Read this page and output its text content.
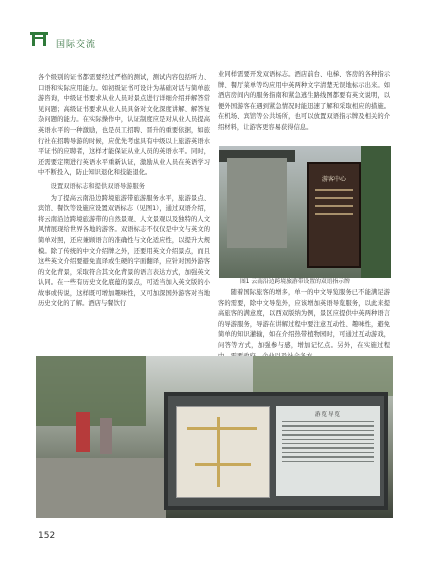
国际交流

各个级别的证书都需要经过严格的测试，测试内容包括听力、口语和实际应用能力。如初级证书可设计为基础对话与简单旅游咨询，中级证书要求从业人员对景点进行详细介绍并解答常见问题；高级证书要求从业人员具备对文化深度讲解、解答复杂问题的能力。在实际操作中，认证制度应是对从业人员提高英语水平的一种激励，也是员工招聘、晋升的重要依据，如旅行社在招聘导游的时候，应优先考虑具有中级以上旅游英语水平证书的应聘者，这样才能保证从业人员的英语水平。同时，还需要定期进行英语水平重新认证，激励从业人员在英语学习中不断投入，防止知识退化和技能退化。

设置双语标志和提供双语导游服务

为了提高云南沿边跨境旅游带旅游服务水平，旅游景点、宾馆、餐饮等设施应设置双语标志（见图1），通过双语介绍，将云南沿边跨境旅游带的自然景观、人文景观以及独特的人文风情展现给世界各地的游客。双语标志不仅仅是中文与英文的简单对照，还应兼顾语言的准确性与文化适应性，以提升大规模。除了传统的中文介绍牌之外，还要用英文介绍景点，而且这些英文介绍要避免直译或生硬的字面翻译，应针对国外游客的文化背景，采取符合其文化背景的语言表达方式，加强英文认同。在一些有历史文化底蕴的景点，可适当加入英文版的小故事或传说，这样既可增加趣味性，又可加深国外游客对当地历史文化的了解。酒店与餐饮行

业同样需要开发双语标志。酒店前台、电梯、客房的各种指示牌、餐厅菜单等均应用中英两种文字清楚无误地标示出来。如酒店房间内的服务指南和紧急逃生路线图都要有英文说明，以便外国游客在遇到紧急情况时能迅速了解和采取相应的措施。在机场、宾馆等公共场所，也可以放置双语指示牌及相关的介绍材料，让游客更容易获得信息。

游客中心
图1 云南沿边跨境旅游带设置的双语指示牌

随着国际旅客的增多，单一的中文导览服务已不能满足游客的需要，除中文导览外，应该增加英语导览服务，以此来提高旅客的满意度，以西双版纳为例，景区应提供中英两种语言的导游服务，导游在讲解过程中要注意互动性、趣味性，避免简单的知识灌输，如在介绍热带植物园时，可通过互动游戏，问答等方式，加强参与感，增加记忆点。另外，在实施过程

游览导览
152
